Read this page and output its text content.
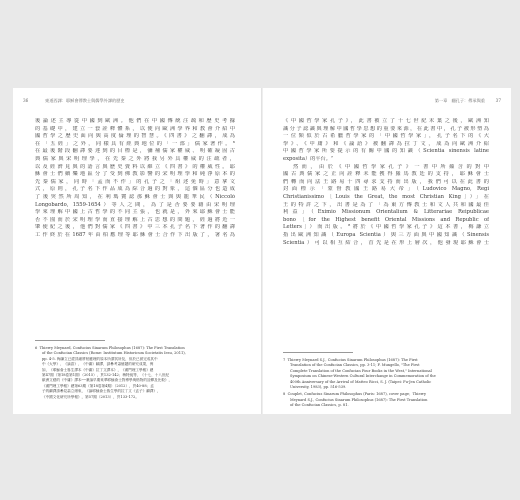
36	東道西譯：耶穌會傳教士與儒學外譯的歷史
後論述主導從中國到歐洲。他們在中國傳統注疏和歷史考據
的基礎中，建立一套詮釋體系，以便向歐洲學界和教會介紹中
國哲學之歷史面向與高度倫理的智慧。《四書》之翻譯，成為
在「五經」之外，同樣具有經典地位的「一部」儒家著作。⁶
在最後階段翻譯要達到的目標是，彌補儒家權威、明確凝固古
典儒家與宋明理學，在先秦之外將我另外具權威的注疏者，
以及經濟見與的語言與歷史資料以維立《四書》的權威性。耶
穌會士們續樂地區分了受到佛教影響的宋明理學和純淨原本的
先秦儒家，同時「孟而不作」的孔子之「組述免時」意拿文
式，原則，孔子名下作品成為綜合過的對象，這個區分也造成
了後突然所周知，在利瑪竇認那穌會士與與龍華民（Niccolò
Longobardo, 1559-1654）等人之間，為了是否要要藉由宋明理
學來理解中國上古哲學的不同主張，也就是，外來耶穌會士能
否不囿而於宋明理學而直接理解上古思想的問題，經過將近一
肇使紀之後，他們對儒家《四書》中三本孔子名下著作的翻譯
工作終於在1687年由柏應理等耶穌會士合作下出版了，署名為
6 Thierry Meynard, Confucius Sinarum Philosophus (1687): The First Translation
of the Confucian Classics (Rome: Institutum Historicum Societatis Iesu, 2011),
pp. 4-5. 梅謙立已經詳細將柏應理的原本所謂其所及，但於已被完成其中
中《大學》、《論語》、《中庸》翻譯，請參考蕭億鍵的研究成果，例
如，《耶穌會士魯生譯本《中庸》拉丁文譯本》，《漢門理工學報》總
第47期（第18卷第1期）（2015），頁132-142；梅特純等，《十七、十八世紀
歐洲文藝的《中庸》譯本──兼論早期來華耶穌會士對博學與格物的詮釋及比較》，
《漢門理工學報》總第63期（第18卷第4期）（2012），頁40-88；孟
子的翻譯請參見蕭立緒來，《論耶穌會士魯生學的拉丁文《孟子》翻譯》，
《中國文化研究所學報》，第57期（2013），頁133-172。
第一章　翻孔子：傳承與重	37
《中國哲學家孔子》，此書被立了十七世紀末葉之後，歐洲知
識分子認識與理解中國哲學思想的重要來源，在此書中，孔子被形塑為
一位類似於古希臘哲學家的「中國哲學家」，孔子名下的《大
學》、《中庸》和《論語》被翻譯為拉丁文，成為向歐洲介紹
中國哲學家所要提示的有關中國的知識（Scientia sinensis latine
exposita）的平台。⁷
然而，由於《中國哲學家孔子》一書中所蘊含的對中
國古典儒家之正向詮釋未能獲得羅馬教廷的支持，耶穌會士
們轉而向法王路易十四尋求支持而出版，我們可以在此書的
封面標示「蒙督教國王路易大帝」（Ludovico Magno, Regi
Christianissimo［Louis the Great, the most Christian King］）」在
王的特許之下，出書是為了「為東方傳教士和文人共和國最佳
利益」（Eximio Missionum Orientalium & Litterariae Reipublicae
bono［for the Highest benefit Oriental Missions and Republic of
Letters］）而出版。⁸將於《中國哲學家孔子》這本書，梅謙立
指出歐洲知識（Europa Scientia）與三方面與中國知識（Sinensis
Scientia）可以相互結合，首先是在形上層次，他發現耶穌會士
7 Thierry Meynard S.J., Confucius Sinarum Philosophus (1687): The First
Translation of the Confucian Classics, pp. 3-11; F. Mungello, "The First
Complete Translation of the Confucian Four Books in the West," International
Symposium on Chinese-Western Cultural Interchange in Commemoration of the
400th Anniversary of the Arrival of Matteo Ricci, S. J. (Taipei: Fu-Jen Catholic
University, 1983), pp. 516-539.
8 Couplet, Confucius Sinarum Philosophus (Paris: 1687), cover page；Thierry
Meynard S.J., Confucius Sinarum Philosophus (1687): The First Translation
of the Confucian Classics, p. 81.
